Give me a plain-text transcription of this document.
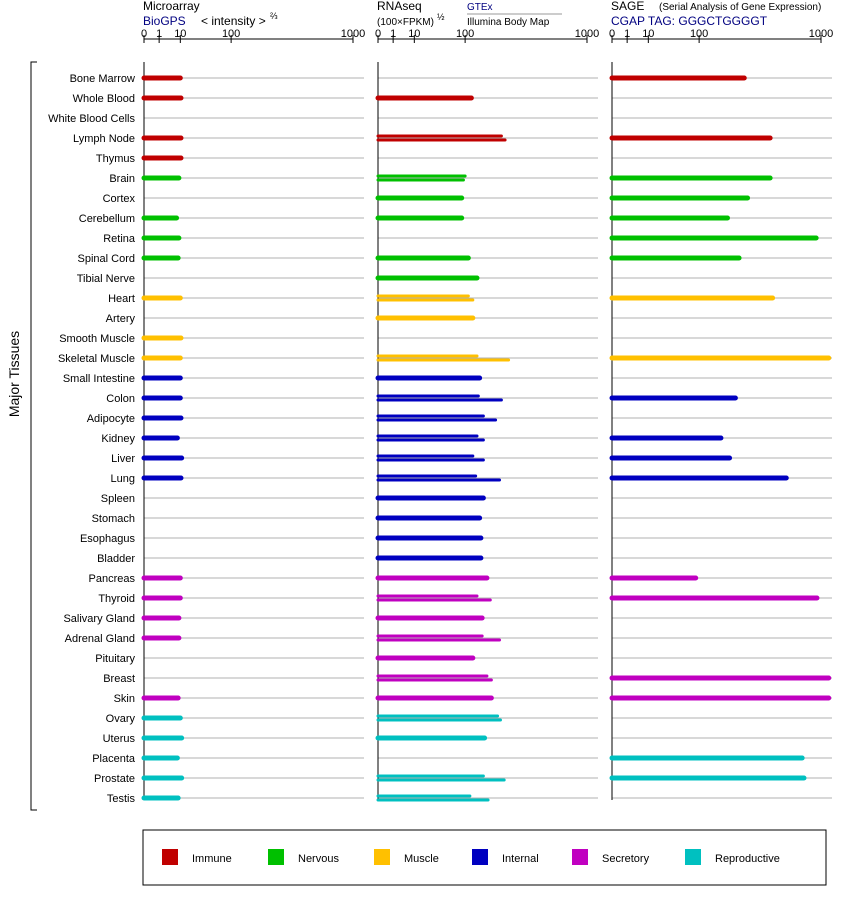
Microarray
BioGPS < intensity > ⅔
RNAseq
(100×FPKM) ½
GTEx
Illumina Body Map
SAGE (Serial Analysis of Gene Expression)
CGAP TAG: GGGCTGGGGT
Major Tissues
0 1 10	100	1000 0 1 10	100	1000 0 1 10	100	1000
Bone Marrow
Whole Blood
White Blood Cells
Lymph Node
Thymus
Brain
Cortex
Cerebellum
Retina
Spinal Cord
Tibial Nerve
Heart
Artery
Smooth Muscle
Skeletal Muscle
Small Intestine
Colon
Adipocyte
Kidney
Liver
Lung
Spleen
Stomach
Esophagus
Bladder
Pancreas
Thyroid
Salivary Gland
Adrenal Gland
Pituitary
Breast
Skin
Ovary
Uterus
Placenta
Prostate
Testis
Immune	Nervous	Muscle	Internal	Secretory	Reproductive
